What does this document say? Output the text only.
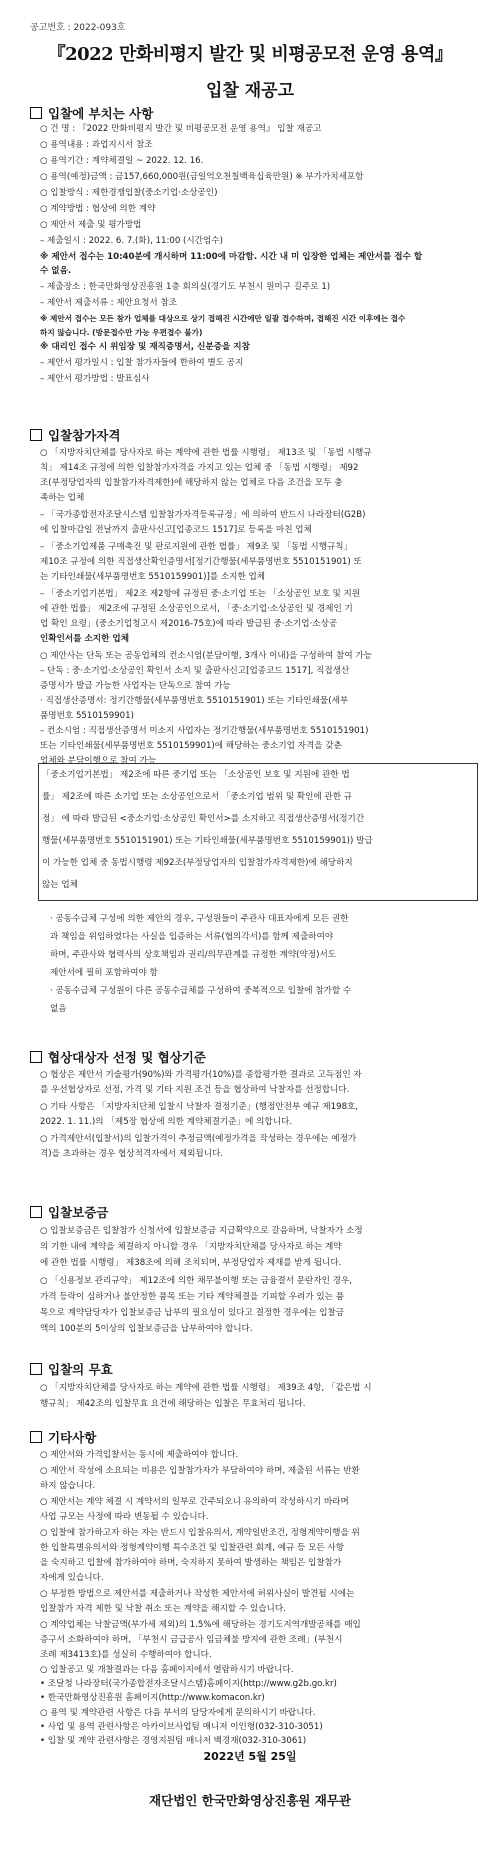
공고번호 : 2022-093호
『2022 만화비평지 발간 및 비평공모전 운영 용역』
입찰 재공고
입찰에 부치는 사항
○ 건 명 : 『2022 만화비평지 발간 및 비평공모전 운영 용역』 입찰 재공고
○ 용역내용 : 과업지시서 참조
○ 용역기간 : 계약체결일 ~ 2022. 12. 16.
○ 용역(예정)금액 : 금157,660,000원(금일억오천칠백육십육만원) ※ 부가가치세포함
○ 입찰방식 : 제한경쟁입찰(중소기업·소상공인)
○ 계약방법 : 협상에 의한 계약
○ 제안서 제출 및 평가방법
– 제출일시 : 2022. 6. 7.(화), 11:00 (시간엄수)
※ 제안서 접수는 10:40분에 개시하며 11:00에 마감함. 시간 내 미 입장한 업체는 제안서를 접수 할
수 없음.
– 제출장소 : 한국만화영상진흥원 1층 회의실(경기도 부천시 원미구 길주로 1)
– 제안서 제출서류 : 제안요청서 참조
※ 제안서 접수는 모든 참가 업체를 대상으로 상기 접해진 시간에만 일괄 접수하며, 접해진 시간 이후에는 접수
하지 않습니다. (방문접수만 가능 우편접수 불가)
※ 대리인 접수 시 위임장 및 재직증명서, 신분증을 지참
– 제안서 평가일시 : 입찰 참가자들에 한하여 별도 공지
– 제안서 평가방법 : 발표심사
입찰참가자격
○ 「지방자치단체를 당사자로 하는 계약에 관한 법률 시행령」 제13조 및 「동법 시행규
칙」 제14조 규정에 의한 입찰참가자격을 가지고 있는 업체 중 「동법 시행령」 제92
조(부정당업자의 입찰참가자격제한)에 해당하지 않는 업체로 다음 조건을 모두 충
족하는 업체
– 「국가종합전자조달시스템 입찰참가자격등록규정」에 의하여 반드시 나라장터(G2B)
에 입찰마감일 전날까지 출판사신고[업종코드 1517]로 등록을 마친 업체
– 「중소기업제품 구매촉진 및 판로지원에 관한 법률」 제9조 및 「동법 시행규칙」
제10조 규정에 의한 직접생산확인증명서[정기간행물(세부품명번호 5510151901) 또
는 기타인쇄물(세부품명번호 5510159901)]를 소지한 업체
– 「중소기업기본법」 제2조 제2항에 규정된 중·소기업 또는 「소상공인 보호 및 지원
에 관한 법률」 제2조에 규정된 소상공인으로서, 「중·소기업·소상공인 및 경제인 기
업 확인 요령」(중소기업청고시 제2016-75호)에 따라 발급된 중·소기업·소상공
인확인서를 소지한 업체
○ 제안사는 단독 또는 공동업체의 컨소시엄(분담이행, 3개사 이내)을 구성하여 참여 가능
– 단독 : 중·소기업·소상공인 확인서 소지 및 출판사신고[업종코드 1517], 직접생산
증명서가 발급 가능한 사업자는 단독으로 참여 가능
· 직접생산증명서: 정기간행물(세부품명번호 5510151901) 또는 기타인쇄물(세부
품명번호 5510159901)
– 컨소시엄 : 직접생산증명서 미소지 사업자는 정기간행물(세부품명번호 5510151901)
또는 기타인쇄물(세부품명번호 5510159901)에 해당하는 중소기업 자격을 갖춘
업체와 분담이행으로 참여 가능
「중소기업기본법」 제2조에 따른 중기업 또는 「소상공인 보호 및 지원에 관한 법
률」 제2조에 따른 소기업 또는 소상공인으로서 「중소기업 범위 및 확인에 관한 규
정」 에 따라 발급된 <중소기업·소상공인 확인서>를 소지하고 직접생산증명서(정기간
행물(세부품명번호 5510151901) 또는 기타인쇄물(세부품명번호 5510159901)) 발급
이 가능한 업체 중 동법시행령 제92조(부정당업자의 입찰참가자격제한)에 해당하지
않는 업체
· 공동수급체 구성에 의한 제안의 경우, 구성원들이 주관사 대표자에게 모든 권한
과 책임을 위임하였다는 사실을 입증하는 서류(협의각서)를 함께 제출하여야
하며, 주관사와 협력사의 상호책임과 권리/의무관계를 규정한 계약(약정)서도
제안서에 필히 포함하여야 함
· 공동수급체 구성원이 다른 공동수급체를 구성하여 중복적으로 입찰에 참가할 수
없음
협상대상자 선정 및 협상기준
○ 협상은 제안서 기술평가(90%)와 가격평가(10%)를 종합평가한 결과로 고득점인 자
를 우선협상자로 선정, 가격 및 기타 지원 조건 등을 협상하여 낙찰자를 선정합니다.
○ 기타 사항은 「지방자치단체 입찰시 낙찰자 결정기준」(행정안전부 예규 제198호,
2022. 1. 11.)의 「제5장 협상에 의한 계약체결기준」에 의합니다.
○ 가격제안서(입찰서)의 입찰가격이 추정금액(예정가격을 작성하는 경우에는 예정가
격)을 초과하는 경우 협상적격자에서 제외됩니다.
입찰보증금
○ 입찰보증금은 입찰참가 신청서에 입찰보증금 지급확약으로 갈음하며, 낙찰자가 소정
의 기한 내에 계약을 체결하지 아니할 경우 「지방자치단체를 당사자로 하는 계약
에 관한 법률 시행령」 제38조에 의해 조치되며, 부정당업자 제재를 받게 됩니다.
○ 「신용정보 관리규약」 제12조에 의한 채무불이행 또는 금융결서 문란자인 경우,
가격 등락이 심하거나 불안정한 품목 또는 기타 계약체결을 기피할 우려가 있는 품
목으로 계약담당자가 입찰보증금 납부의 필요성이 있다고 결정한 경우에는 입찰금
액의 100분의 5이상의 입찰보증금을 납부하여야 합니다.
입찰의 무효
○ 「지방자치단체를 당사자로 하는 계약에 관한 법률 시행령」 제39조 4항, 「같은법 시
행규칙」 제42조의 입찰무효 요건에 해당하는 입찰은 무효처리 됩니다.
기타사항
○ 제안서와 가격입찰서는 동시에 제출하여야 합니다.
○ 제안서 작성에 소요되는 비용은 입찰참가자가 부담하여야 하며, 제출된 서류는 반환
하지 않습니다.
○ 제안서는 계약 체결 시 계약서의 일부로 간주되오니 유의하여 작성하시기 바라며
사업 규모는 사정에 따라 변동될 수 있습니다.
○ 입찰에 참가하고자 하는 자는 반드시 입찰유의서, 계약일반조건, 정형계약이행을 위
한 입찰특별유의서와 정형계약이행 특수조건 및 입찰관련 회계, 예규 등 모든 사항
을 숙지하고 입찰에 참가하여야 하며, 숙지하지 못하여 발생하는 책임은 입찰참가
자에게 있습니다.
○ 부정한 방법으로 제안서를 제출하거나 작성한 제안서에 허위사실이 발견될 시에는
입찰참가 자격 제한 및 낙찰 취소 또는 계약을 해지할 수 있습니다.
○ 계약업체는 낙찰금액(부가세 제외)의 1.5%에 해당하는 경기도지역개발공채를 매입
증구서 소화하여야 하며, 「부천시 금급공사 임금체불 방지에 관한 조례」(부천시
조례 제3413호)를 성실히 수행하여야 합니다.
○ 입찰공고 및 개찰결과는 다음 홈페이지에서 열람하시기 바랍니다.
• 조달청 나라장터(국가종합전자조달시스템)홈페이지(http://www.g2b.go.kr)
• 한국만화영상진흥원 홈페이지(http://www.komacon.kr)
○ 용역 및 계약관련 사항은 다음 부서의 담당자에게 문의하시기 바랍니다.
• 사업 및 용역 관련사항은 아카이브사업팀 매니저 이인형(032-310-3051)
• 입찰 및 계약 관련사항은 경영지원팀 매니저 백경재(032-310-3061)
2022년 5월 25일
재단법인 한국만화영상진흥원 재무관
